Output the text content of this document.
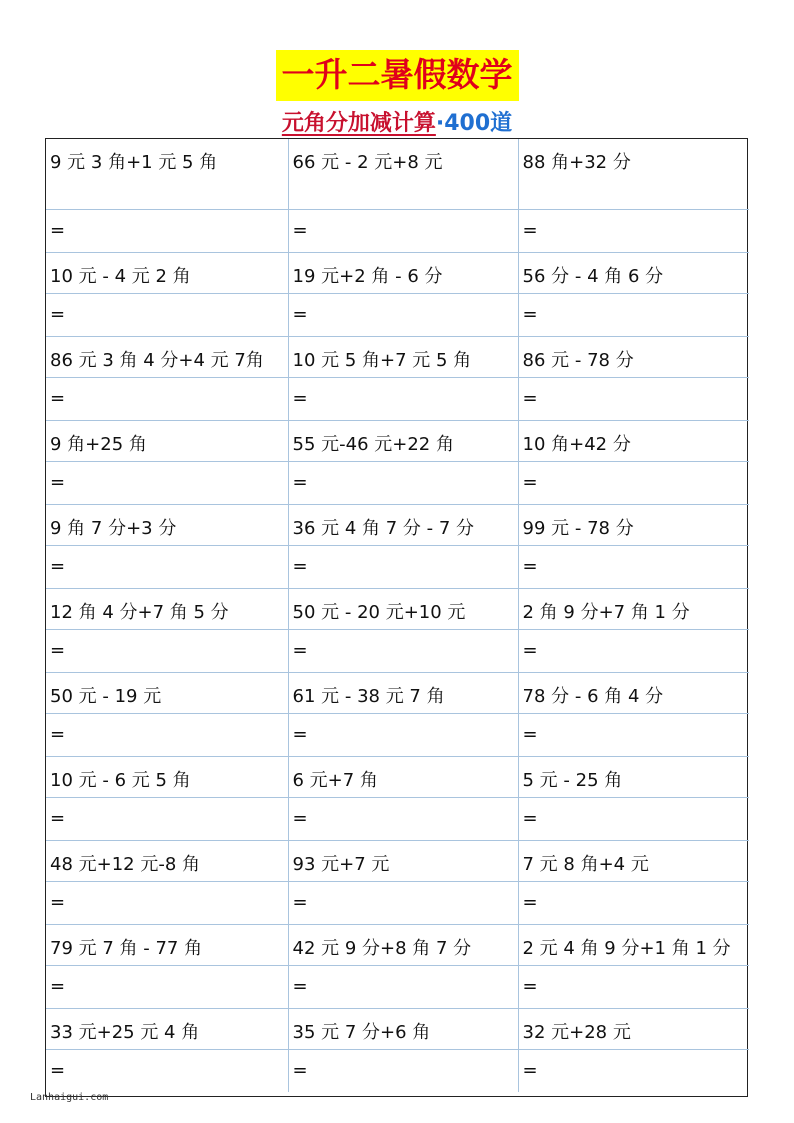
一升二暑假数学
元角分加减计算·400道
9 元 3 角+1 元 5 角	66 元 - 2 元+8 元	88 角+32 分
=	=	=
10 元 - 4 元 2 角	19 元+2 角 - 6 分	56 分 - 4 角 6 分
=	=	=
86 元 3 角 4 分+4 元 7角	10 元 5 角+7 元 5 角	86 元 - 78 分
=	=	=
9 角+25 角	55 元-46 元+22 角	10 角+42 分
=	=	=
9 角 7 分+3 分	36 元 4 角 7 分 - 7 分	99 元 - 78 分
=	=	=
12 角 4 分+7 角 5 分	50 元 - 20 元+10 元	2 角 9 分+7 角 1 分
=	=	=
50 元 - 19 元	61 元 - 38 元 7 角	78 分 - 6 角 4 分
=	=	=
10 元 - 6 元 5 角	6 元+7 角	5 元 - 25 角
=	=	=
48 元+12 元-8 角	93 元+7 元	7 元 8 角+4 元
=	=	=
79 元 7 角 - 77 角	42 元 9 分+8 角 7 分	2 元 4 角 9 分+1 角 1 分
=	=	=
33 元+25 元 4 角	35 元 7 分+6 角	32 元+28 元
=	=	=
Lanhaigui.com
